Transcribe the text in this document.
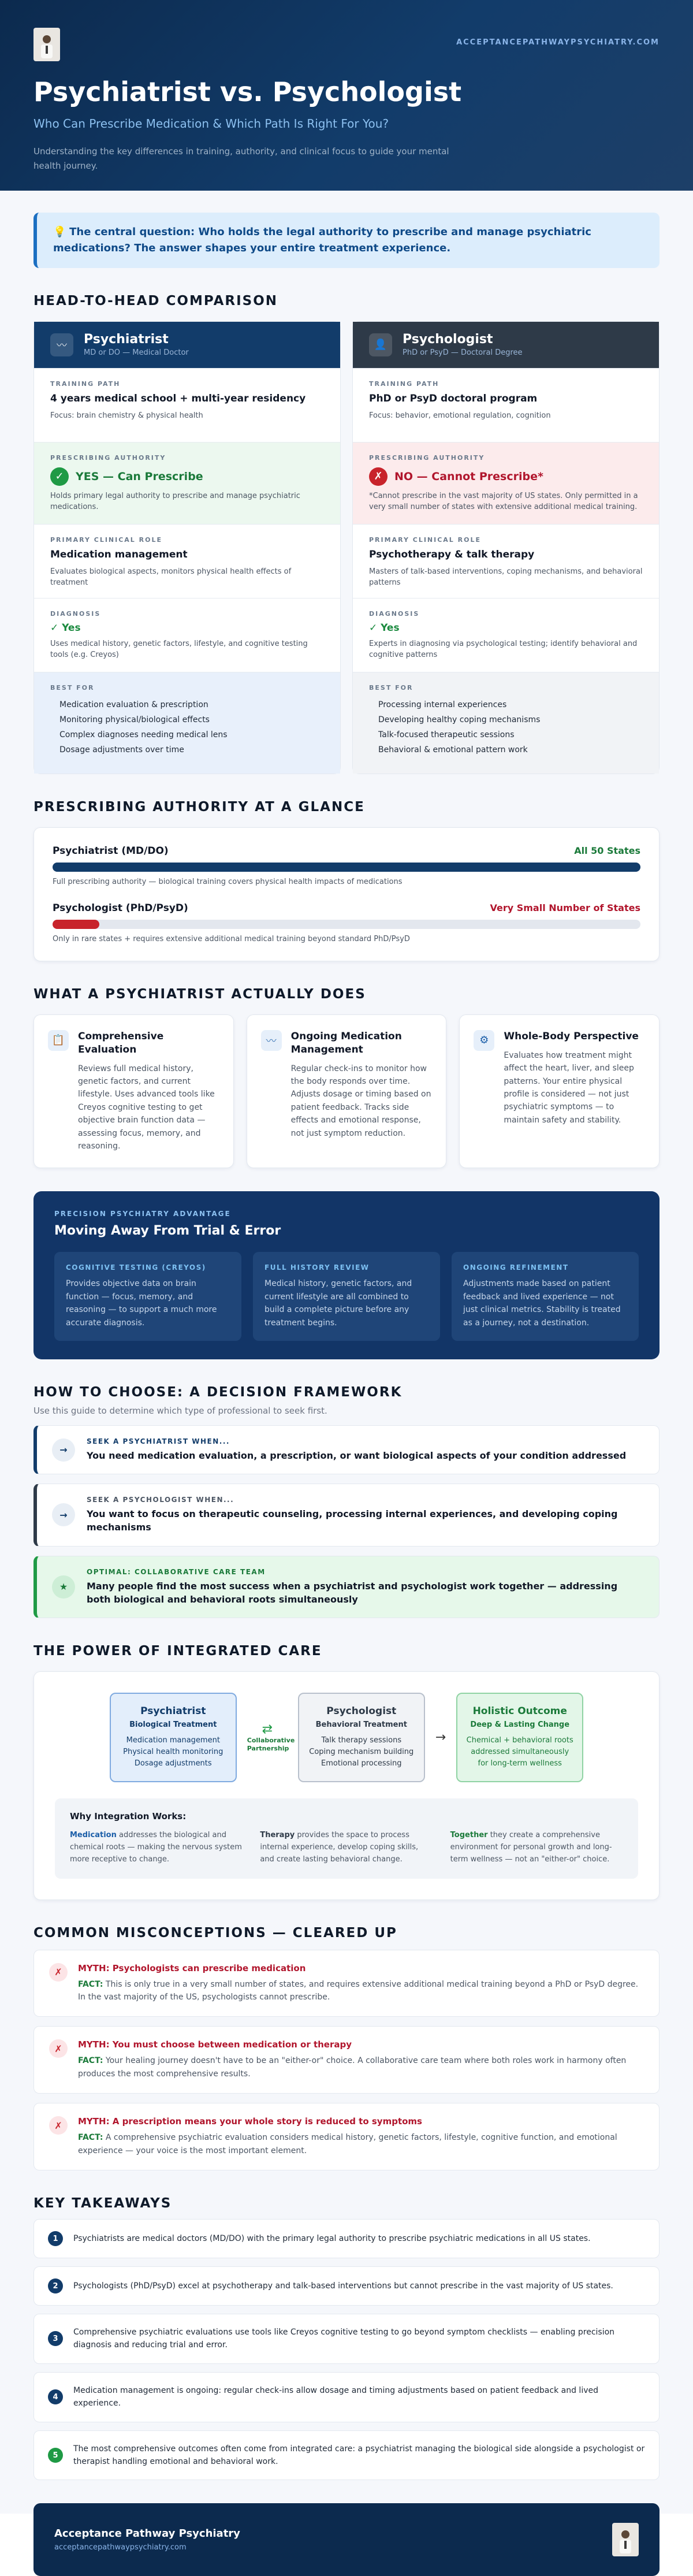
ACCEPTANCEPATHWAYPSYCHIATRY.COM
Psychiatrist vs. Psychologist
Who Can Prescribe Medication & Which Path Is Right For You?
Understanding the key differences in training, authority, and clinical focus to guide your mental health journey.
💡 The central question: Who holds the legal authority to prescribe and manage psychiatric medications? The answer shapes your entire treatment experience.
HEAD-TO-HEAD COMPARISON
〰	Psychiatrist
MD or DO — Medical Doctor
TRAINING PATH
4 years medical school + multi-year residency
Focus: brain chemistry & physical health
PRESCRIBING AUTHORITY
✓	YES — Can Prescribe
Holds primary legal authority to prescribe and manage psychiatric medications.
PRIMARY CLINICAL ROLE
Medication management
Evaluates biological aspects, monitors physical health effects of treatment
DIAGNOSIS
✓ Yes
Uses medical history, genetic factors, lifestyle, and cognitive testing tools (e.g. Creyos)
BEST FOR
Medication evaluation & prescription
Monitoring physical/biological effects
Complex diagnoses needing medical lens
Dosage adjustments over time
👤	Psychologist
PhD or PsyD — Doctoral Degree
TRAINING PATH
PhD or PsyD doctoral program
Focus: behavior, emotional regulation, cognition
PRESCRIBING AUTHORITY
✗	NO — Cannot Prescribe*
*Cannot prescribe in the vast majority of US states. Only permitted in a very small number of states with extensive additional medical training.
PRIMARY CLINICAL ROLE
Psychotherapy & talk therapy
Masters of talk-based interventions, coping mechanisms, and behavioral patterns
DIAGNOSIS
✓ Yes
Experts in diagnosing via psychological testing; identify behavioral and cognitive patterns
BEST FOR
Processing internal experiences
Developing healthy coping mechanisms
Talk-focused therapeutic sessions
Behavioral & emotional pattern work
PRESCRIBING AUTHORITY AT A GLANCE
Psychiatrist (MD/DO)	All 50 States
Full prescribing authority — biological training covers physical health impacts of medications
Psychologist (PhD/PsyD)	Very Small Number of States
Only in rare states + requires extensive additional medical training beyond standard PhD/PsyD
WHAT A PSYCHIATRIST ACTUALLY DOES
📋	Comprehensive Evaluation
Reviews full medical history, genetic factors, and current lifestyle. Uses advanced tools like Creyos cognitive testing to get objective brain function data — assessing focus, memory, and reasoning.
〰	Ongoing Medication Management
Regular check-ins to monitor how the body responds over time. Adjusts dosage or timing based on patient feedback. Tracks side effects and emotional response, not just symptom reduction.
⚙	Whole-Body Perspective
Evaluates how treatment might affect the heart, liver, and sleep patterns. Your entire physical profile is considered — not just psychiatric symptoms — to maintain safety and stability.
PRECISION PSYCHIATRY ADVANTAGE
Moving Away From Trial & Error
COGNITIVE TESTING (CREYOS)
Provides objective data on brain function — focus, memory, and reasoning — to support a much more accurate diagnosis.
FULL HISTORY REVIEW
Medical history, genetic factors, and current lifestyle are all combined to build a complete picture before any treatment begins.
ONGOING REFINEMENT
Adjustments made based on patient feedback and lived experience — not just clinical metrics. Stability is treated as a journey, not a destination.
HOW TO CHOOSE: A DECISION FRAMEWORK
Use this guide to determine which type of professional to seek first.
→
SEEK A PSYCHIATRIST WHEN...
You need medication evaluation, a prescription, or want biological aspects of your condition addressed
→
SEEK A PSYCHOLOGIST WHEN...
You want to focus on therapeutic counseling, processing internal experiences, and developing coping mechanisms
★
OPTIMAL: COLLABORATIVE CARE TEAM
Many people find the most success when a psychiatrist and psychologist work together — addressing both biological and behavioral roots simultaneously
THE POWER OF INTEGRATED CARE
Psychiatrist
Biological Treatment
Medication management
Physical health monitoring
Dosage adjustments
⇄
Collaborative Partnership
Psychologist
Behavioral Treatment
Talk therapy sessions
Coping mechanism building
Emotional processing
→
Holistic Outcome
Deep & Lasting Change
Chemical + behavioral roots addressed simultaneously
for long-term wellness
Why Integration Works:
Medication addresses the biological and chemical roots — making the nervous system more receptive to change.
Therapy provides the space to process internal experience, develop coping skills, and create lasting behavioral change.
Together they create a comprehensive environment for personal growth and long-term wellness — not an "either-or" choice.
COMMON MISCONCEPTIONS — CLEARED UP
✗	MYTH: Psychologists can prescribe medication
FACT: This is only true in a very small number of states, and requires extensive additional medical training beyond a PhD or PsyD degree. In the vast majority of the US, psychologists cannot prescribe.
✗	MYTH: You must choose between medication or therapy
FACT: Your healing journey doesn't have to be an "either-or" choice. A collaborative care team where both roles work in harmony often produces the most comprehensive results.
✗	MYTH: A prescription means your whole story is reduced to symptoms
FACT: A comprehensive psychiatric evaluation considers medical history, genetic factors, lifestyle, cognitive function, and emotional experience — your voice is the most important element.
KEY TAKEAWAYS
1	Psychiatrists are medical doctors (MD/DO) with the primary legal authority to prescribe psychiatric medications in all US states.
2	Psychologists (PhD/PsyD) excel at psychotherapy and talk-based interventions but cannot prescribe in the vast majority of US states.
3
Comprehensive psychiatric evaluations use tools like Creyos cognitive testing to go beyond symptom checklists — enabling precision diagnosis and reducing trial and error.
4
Medication management is ongoing: regular check-ins allow dosage and timing adjustments based on patient feedback and lived experience.
5
The most comprehensive outcomes often come from integrated care: a psychiatrist managing the biological side alongside a psychologist or therapist handling emotional and behavioral work.
Acceptance Pathway Psychiatry
acceptancepathwaypsychiatry.com
